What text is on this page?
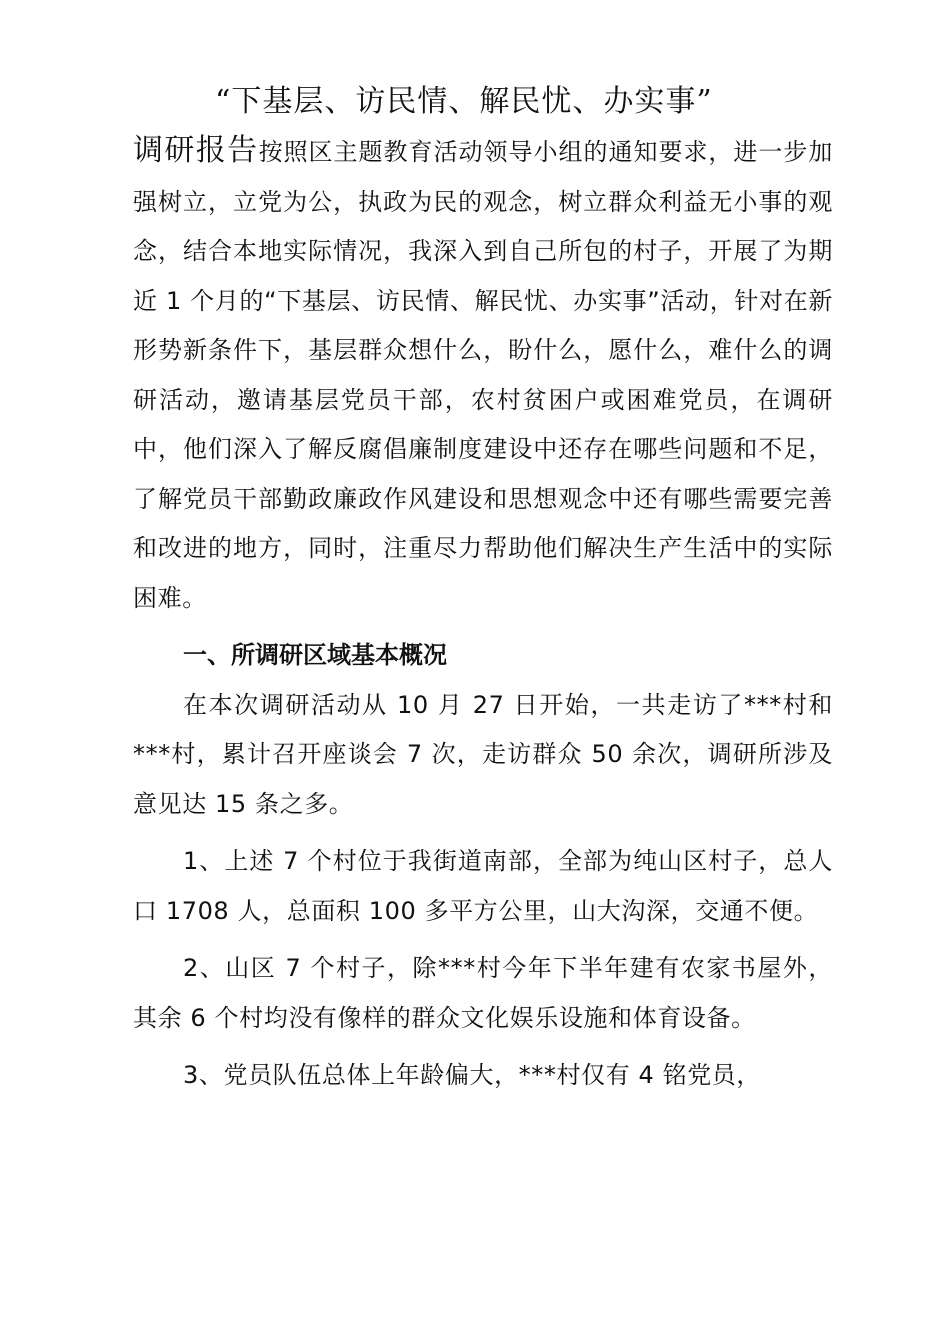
“下基层、访民情、解民忧、办实事”

调研报告按照区主题教育活动领导小组的通知要求，进一步加强树立，立党为公，执政为民的观念，树立群众利益无小事的观念，结合本地实际情况，我深入到自己所包的村子，开展了为期近 1 个月的“下基层、访民情、解民忧、办实事”活动，针对在新形势新条件下，基层群众想什么，盼什么，愿什么，难什么的调研活动，邀请基层党员干部，农村贫困户或困难党员，在调研中，他们深入了解反腐倡廉制度建设中还存在哪些问题和不足，了解党员干部勤政廉政作风建设和思想观念中还有哪些需要完善和改进的地方，同时，注重尽力帮助他们解决生产生活中的实际困难。

一、所调研区域基本概况

在本次调研活动从 10 月 27 日开始，一共走访了***村和***村，累计召开座谈会 7 次，走访群众 50 余次，调研所涉及意见达 15 条之多。

1、上述 7 个村位于我街道南部，全部为纯山区村子，总人口 1708 人，总面积 100 多平方公里，山大沟深，交通不便。

2、山区 7 个村子，除***村今年下半年建有农家书屋外，其余 6 个村均没有像样的群众文化娱乐设施和体育设备。

3、党员队伍总体上年龄偏大，***村仅有 4 铭党员，
